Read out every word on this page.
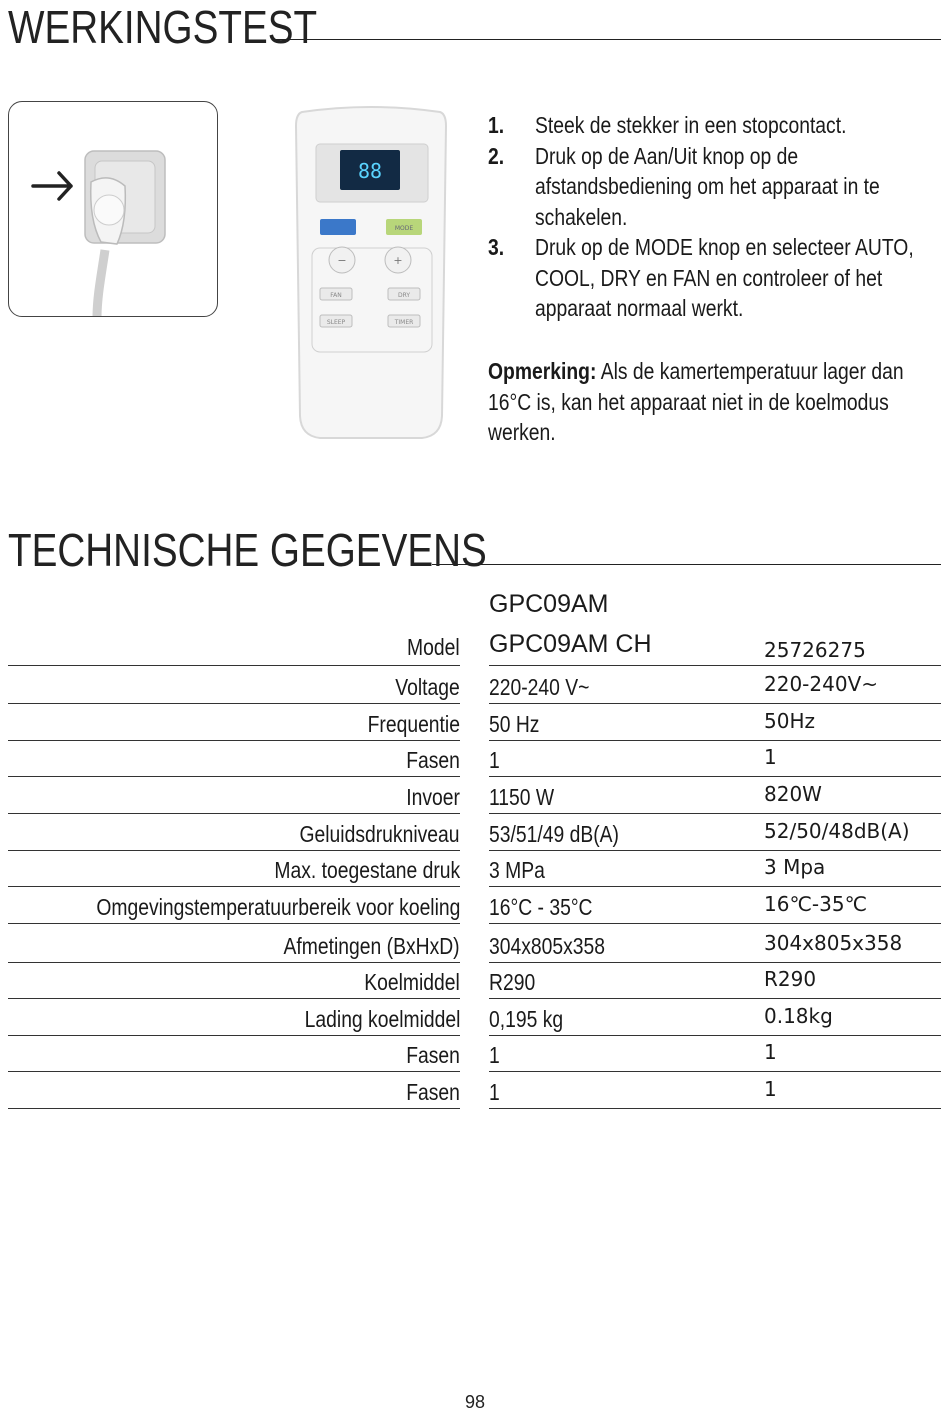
WERKINGSTEST
88
MODE
−	+
FAN	DRY
SLEEP	TIMER
1.	Steek de stekker in een stopcontact.
2.	Druk op de Aan/Uit knop op de afstandsbediening om het apparaat in te schakelen.
3.	Druk op de MODE knop en selecteer AUTO, COOL, DRY en FAN en controleer of het apparaat normaal werkt.
Opmerking: Als de kamertemperatuur lager dan 16°C is, kan het apparaat niet in de koelmodus werken.
TECHNISCHE GEGEVENS
GPC09AM
Model GPC09AM CH	25726275
Voltage 220-240 V~	220-240V~
Frequentie 50 Hz	50Hz
Fasen 1	1
Invoer 1150 W	820W
Geluidsdrukniveau 53/51/49 dB(A)	52/50/48dB(A)
Max. toegestane druk 3 MPa	3 Mpa
Omgevingstemperatuurbereik voor koeling 16°C - 35°C	16℃-35℃
Afmetingen (BxHxD) 304x805x358	304x805x358
Koelmiddel R290	R290
Lading koelmiddel 0,195 kg	0.18kg
Fasen 1	1
Fasen 1	1
98
